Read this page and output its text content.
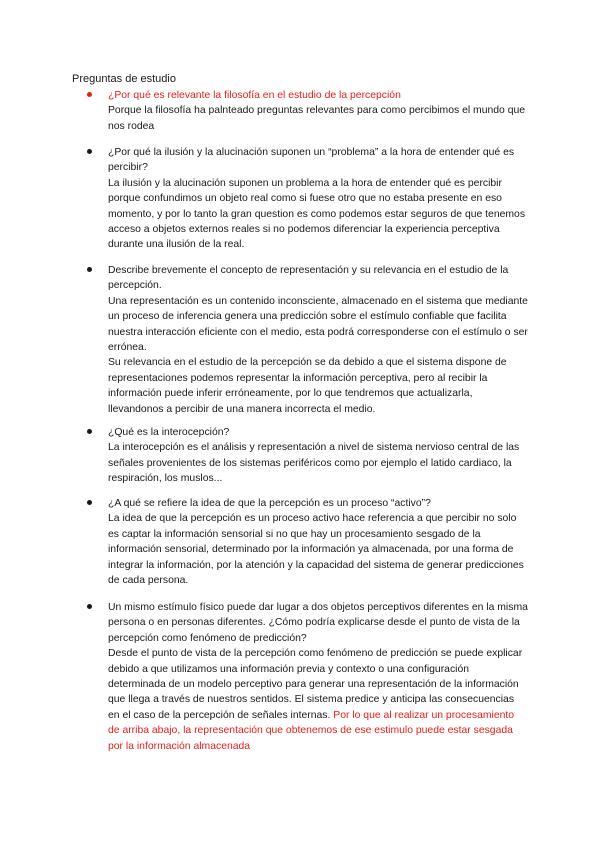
Preguntas de estudio

¿Por qué es relevante la filosofía en el estudio de la percepción

Porque la filosofía ha palnteado preguntas relevantes para como percibimos el mundo que nos rodea

¿Por qué la ilusión y la alucinación suponen un “problema” a la hora de entender qué es percibir?

La ilusión y la alucinación suponen un problema a la hora de entender qué es percibir porque confundimos un objeto real como si fuese otro que no estaba presente en eso momento, y por lo tanto la gran question es como podemos estar seguros de que tenemos acceso a objetos externos reales si no podemos diferenciar la experiencia perceptiva durante una ilusión de la real.

Describe brevemente el concepto de representación y su relevancia en el estudio de la percepción.

Una representación es un contenido inconsciente, almacenado en el sistema que mediante un proceso de inferencia genera una predicción sobre el estímulo confiable que facilita nuestra interacción eficiente con el medio, esta podrá corresponderse con el estímulo o ser errónea.

Su relevancia en el estudio de la percepción se da debido a que el sistema dispone de representaciones podemos representar la información perceptiva, pero al recibir la información puede inferir erróneamente, por lo que tendremos que actualizarla, llevandonos a percibir de una manera incorrecta el medio.

¿Qué es la interocepción?

La interocepción es el análisis y representación a nivel de sistema nervioso central de las señales provenientes de los sistemas periféricos como por ejemplo el latido cardiaco, la respiración, los muslos...

¿A qué se refiere la idea de que la percepción es un proceso “activo”?

La idea de que la percepción es un proceso activo hace referencia a que percibir no solo es captar la información sensorial si no que hay un procesamiento sesgado de la información sensorial, determinado por la información ya almacenada, por una forma de integrar la información, por la atención y la capacidad del sistema de generar predicciones de cada persona.

Un mismo estímulo físico puede dar lugar a dos objetos perceptivos diferentes en la misma persona o en personas diferentes. ¿Cómo podría explicarse desde el punto de vista de la percepción como fenómeno de predicción?

Desde el punto de vista de la percepción como fenómeno de predicción se puede explicar debido a que utilizamos una información previa y contexto o una configuración determinada de un modelo perceptivo para generar una representación de la información que llega a través de nuestros sentidos. El sistema predice y anticipa las consecuencias en el caso de la percepción de señales internas. Por lo que al realizar un procesamiento de arriba abajo, la representación que obtenemos de ese estimulo puede estar sesgada por la información almacenada
